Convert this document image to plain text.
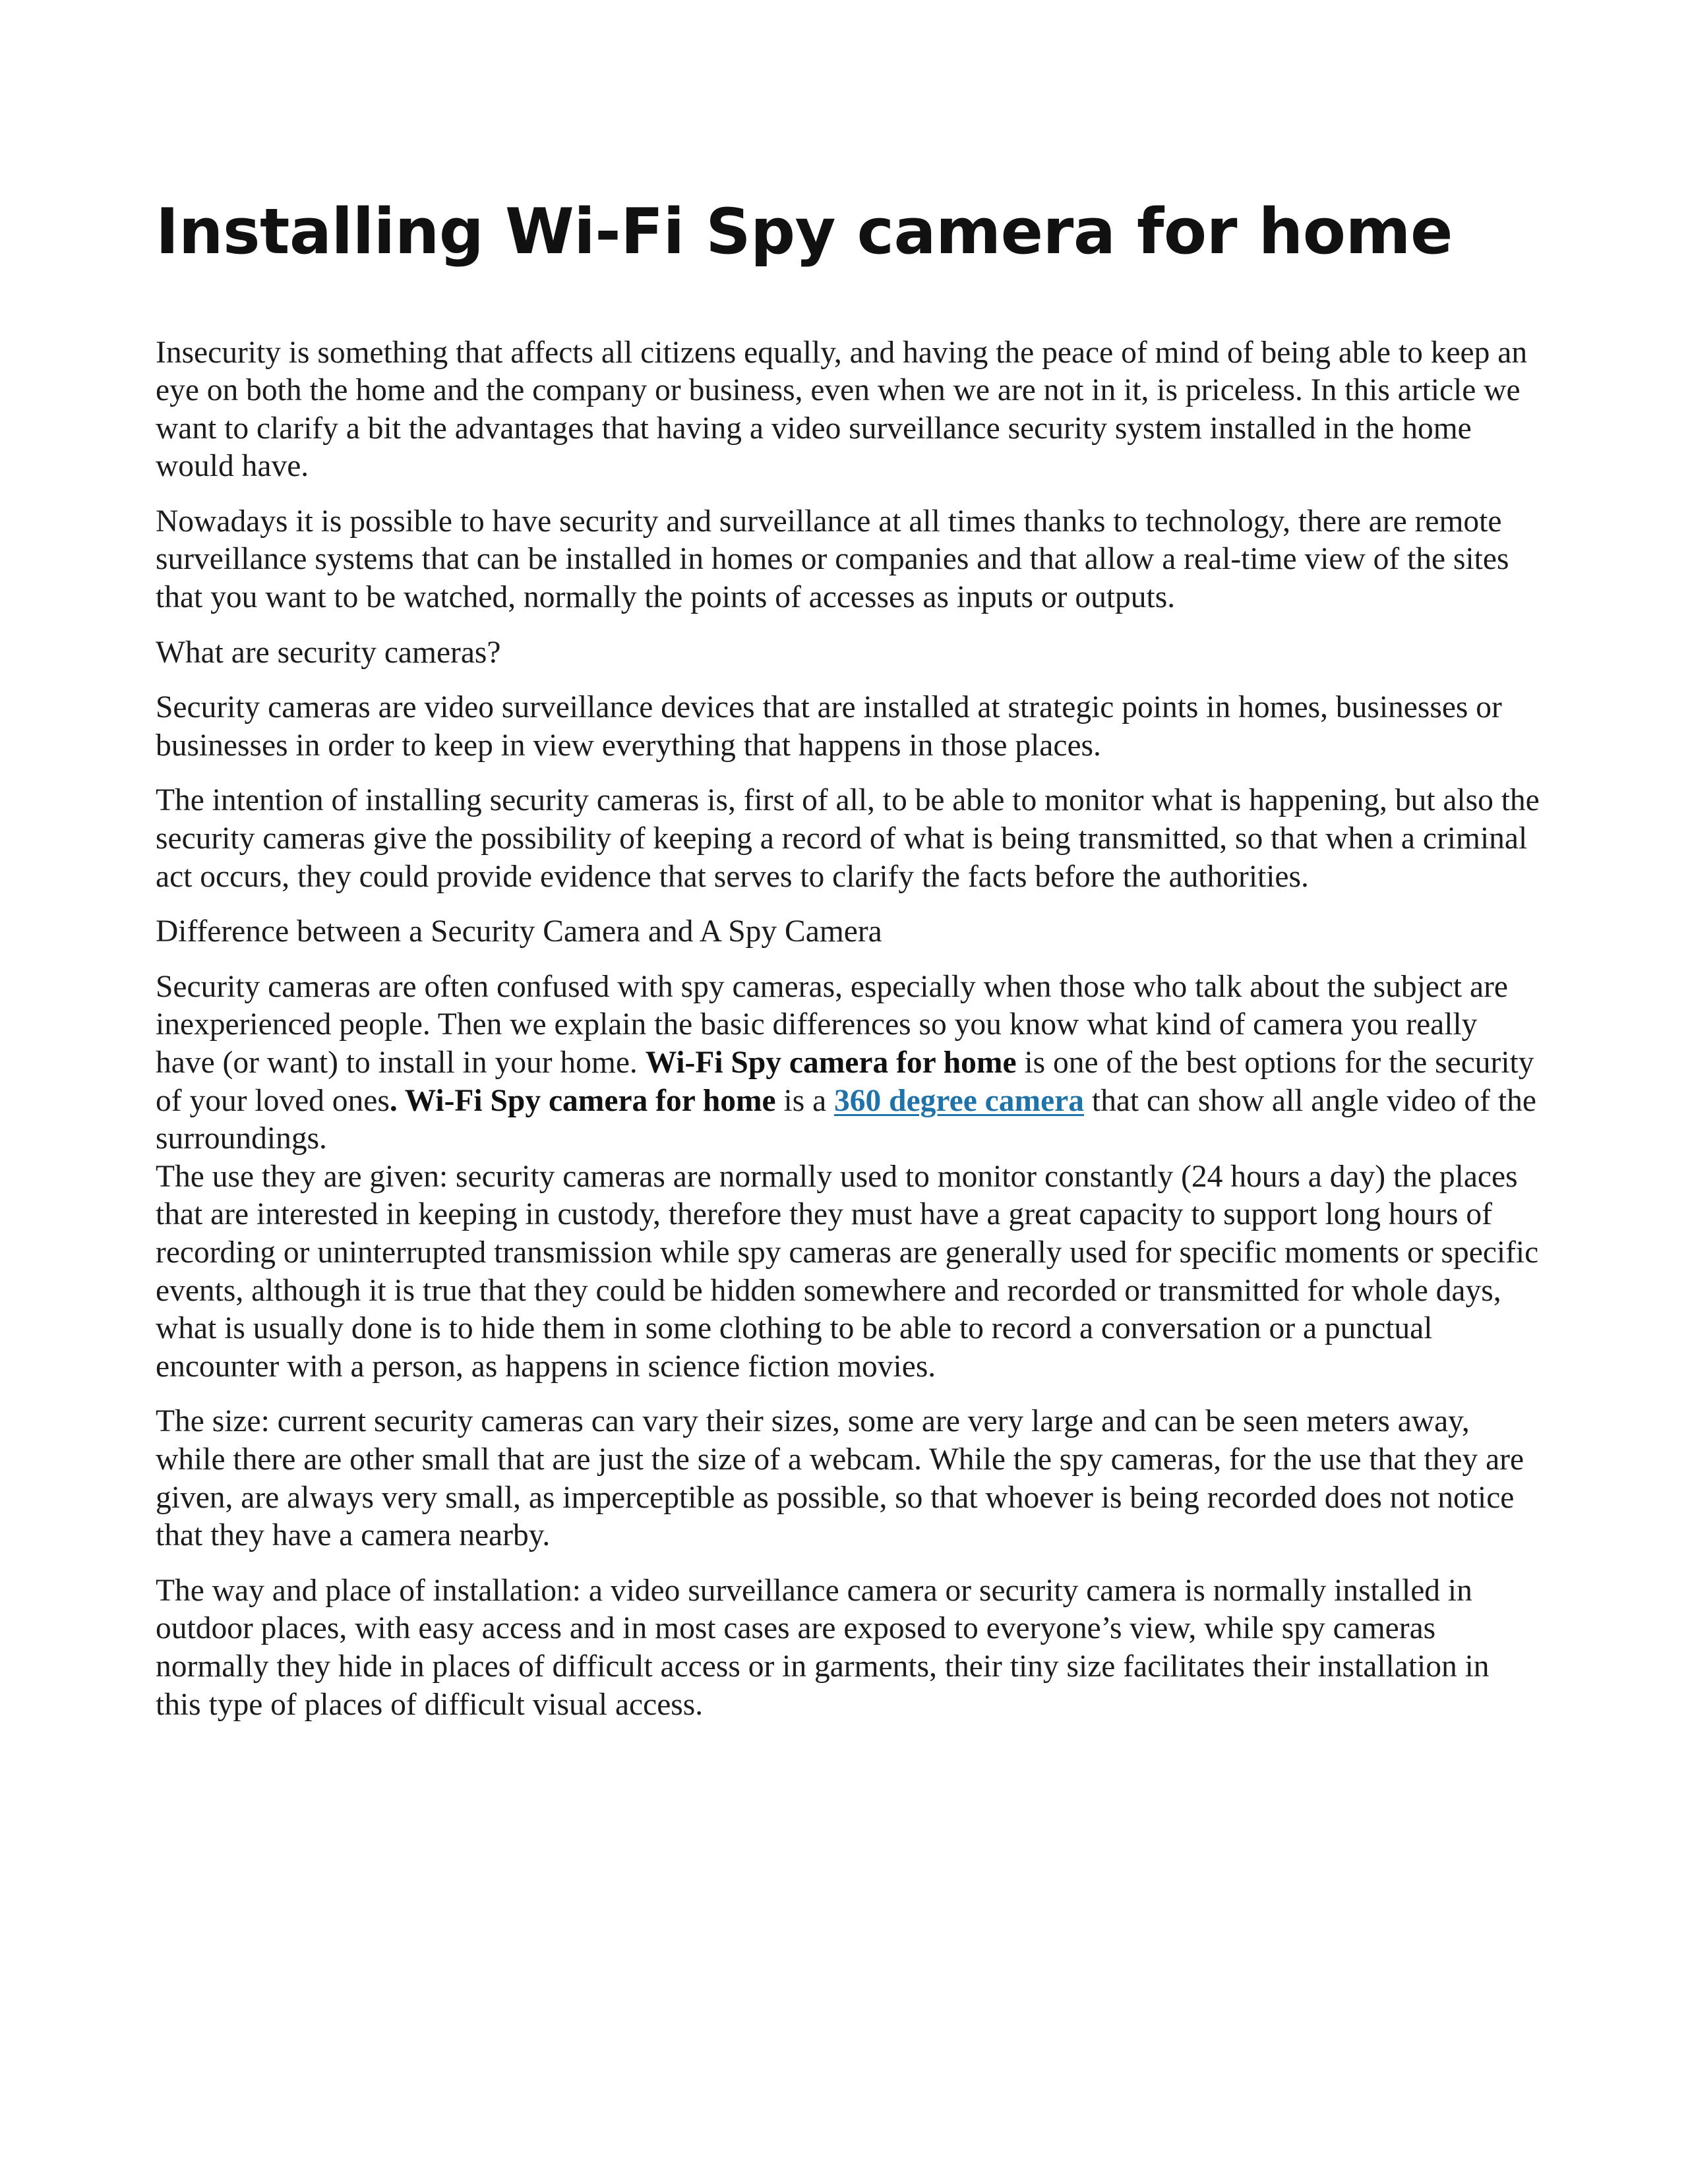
Installing Wi-Fi Spy camera for home

Insecurity is something that affects all citizens equally, and having the peace of mind of being able to keep an eye on both the home and the company or business, even when we are not in it, is priceless. In this article we want to clarify a bit the advantages that having a video surveillance security system installed in the home would have.

Nowadays it is possible to have security and surveillance at all times thanks to technology, there are remote surveillance systems that can be installed in homes or companies and that allow a real-time view of the sites that you want to be watched, normally the points of accesses as inputs or outputs.

What are security cameras?

Security cameras are video surveillance devices that are installed at strategic points in homes, businesses or businesses in order to keep in view everything that happens in those places.

The intention of installing security cameras is, first of all, to be able to monitor what is happening, but also the security cameras give the possibility of keeping a record of what is being transmitted, so that when a criminal act occurs, they could provide evidence that serves to clarify the facts before the authorities.

Difference between a Security Camera and A Spy Camera

Security cameras are often confused with spy cameras, especially when those who talk about the subject are inexperienced people. Then we explain the basic differences so you know what kind of camera you really have (or want) to install in your home. Wi-Fi Spy camera for home is one of the best options for the security of your loved ones. Wi-Fi Spy camera for home is a 360 degree camera that can show all angle video of the surroundings.

The use they are given: security cameras are normally used to monitor constantly (24 hours a day) the places that are interested in keeping in custody, therefore they must have a great capacity to support long hours of recording or uninterrupted transmission while spy cameras are generally used for specific moments or specific events, although it is true that they could be hidden somewhere and recorded or transmitted for whole days, what is usually done is to hide them in some clothing to be able to record a conversation or a punctual encounter with a person, as happens in science fiction movies.

The size: current security cameras can vary their sizes, some are very large and can be seen meters away, while there are other small that are just the size of a webcam. While the spy cameras, for the use that they are given, are always very small, as imperceptible as possible, so that whoever is being recorded does not notice that they have a camera nearby.

The way and place of installation: a video surveillance camera or security camera is normally installed in outdoor places, with easy access and in most cases are exposed to everyone’s view, while spy cameras normally they hide in places of difficult access or in garments, their tiny size facilitates their installation in this type of places of difficult visual access.
